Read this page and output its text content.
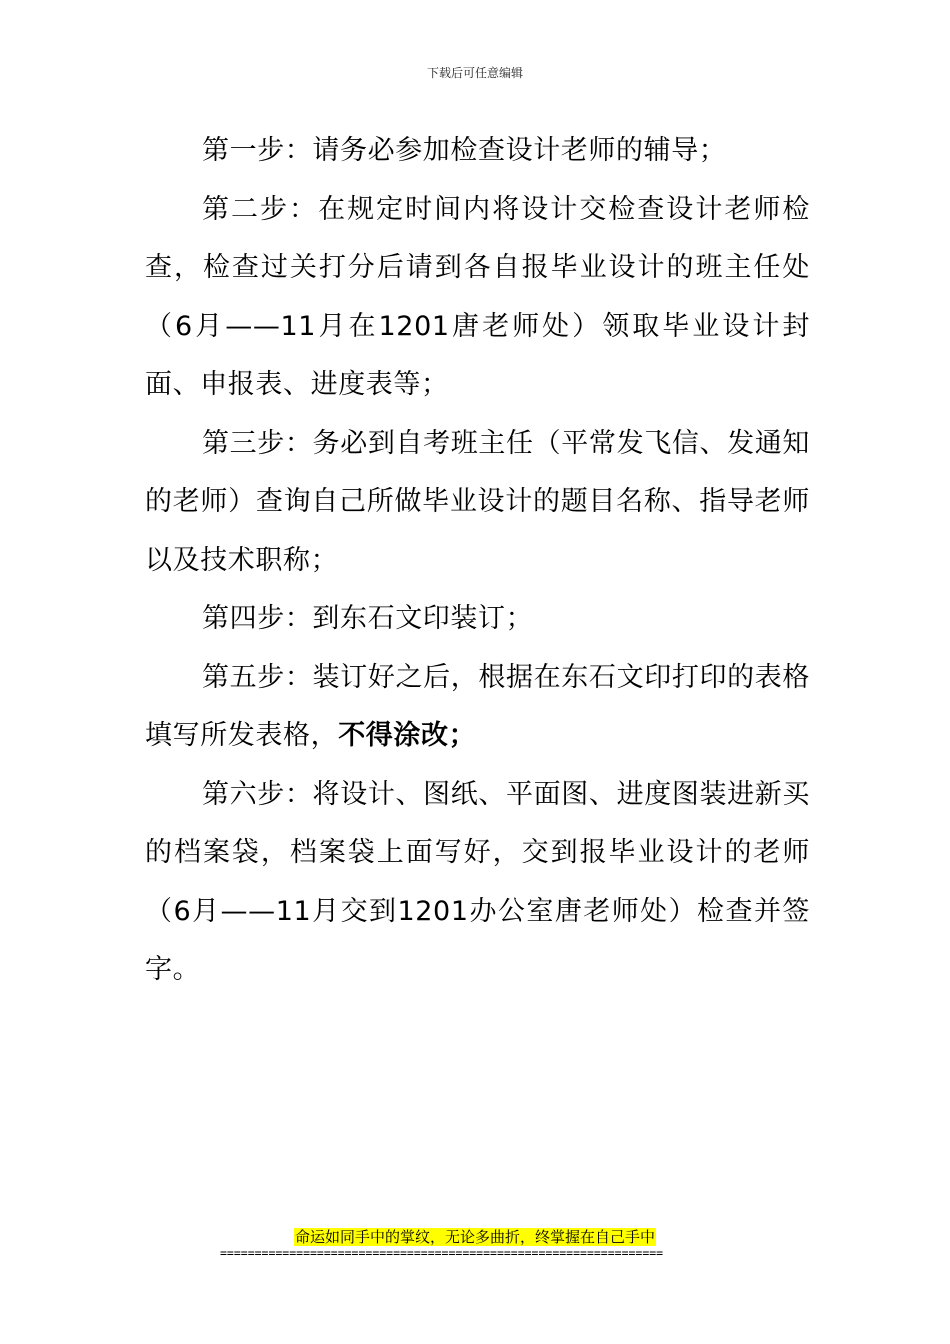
下载后可任意编辑

第一步：请务必参加检查设计老师的辅导；

第二步：在规定时间内将设计交检查设计老师检查，检查过关打分后请到各自报毕业设计的班主任处（6月——11月在1201唐老师处）领取毕业设计封面、申报表、进度表等；

第三步：务必到自考班主任（平常发飞信、发通知的老师）查询自己所做毕业设计的题目名称、指导老师以及技术职称；

第四步：到东石文印装订；

第五步：装订好之后，根据在东石文印打印的表格填写所发表格，不得涂改；

第六步：将设计、图纸、平面图、进度图装进新买的档案袋，档案袋上面写好，交到报毕业设计的老师（6月——11月交到1201办公室唐老师处）检查并签字。

命运如同手中的掌纹，无论多曲折，终掌握在自己手中
================================================================
